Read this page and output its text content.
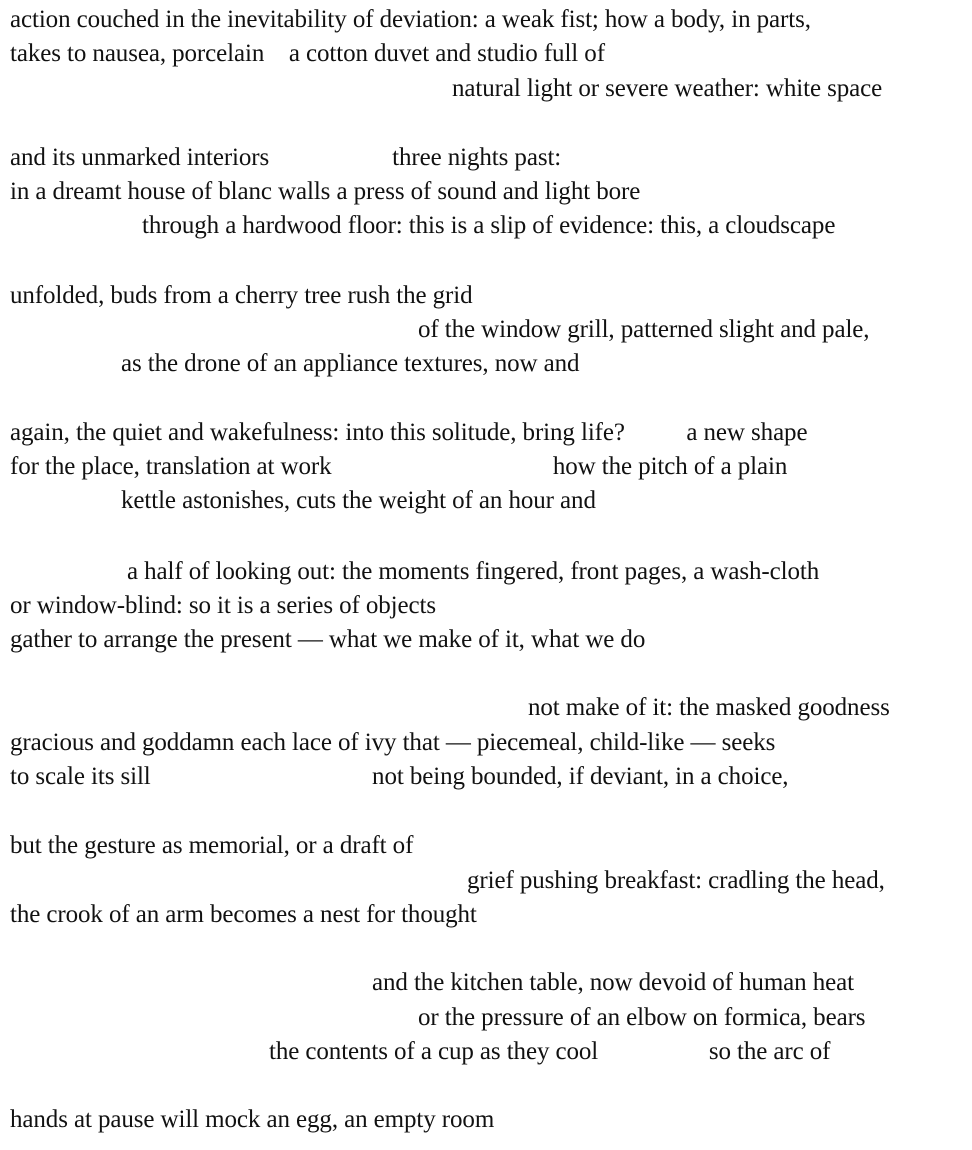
action couched in the inevitability of deviation: a weak fist; how a body, in parts,
takes to nausea, porcelain    a cotton duvet and studio full of
natural light or severe weather: white space
and its unmarked interiors                    three nights past:
in a dreamt house of blanc walls a press of sound and light bore
through a hardwood floor: this is a slip of evidence: this, a cloudscape
unfolded, buds from a cherry tree rush the grid
of the window grill, patterned slight and pale,
as the drone of an appliance textures, now and
again, the quiet and wakefulness: into this solitude, bring life?          a new shape
for the place, translation at work                                    how the pitch of a plain
kettle astonishes, cuts the weight of an hour and
a half of looking out: the moments fingered, front pages, a wash-cloth
or window-blind: so it is a series of objects
gather to arrange the present — what we make of it, what we do
not make of it: the masked goodness
gracious and goddamn each lace of ivy that — piecemeal, child-like — seeks
to scale its sill                                    not being bounded, if deviant, in a choice,
but the gesture as memorial, or a draft of
grief pushing breakfast: cradling the head,
the crook of an arm becomes a nest for thought
and the kitchen table, now devoid of human heat
or the pressure of an elbow on formica, bears
the contents of a cup as they cool                  so the arc of
hands at pause will mock an egg, an empty room
